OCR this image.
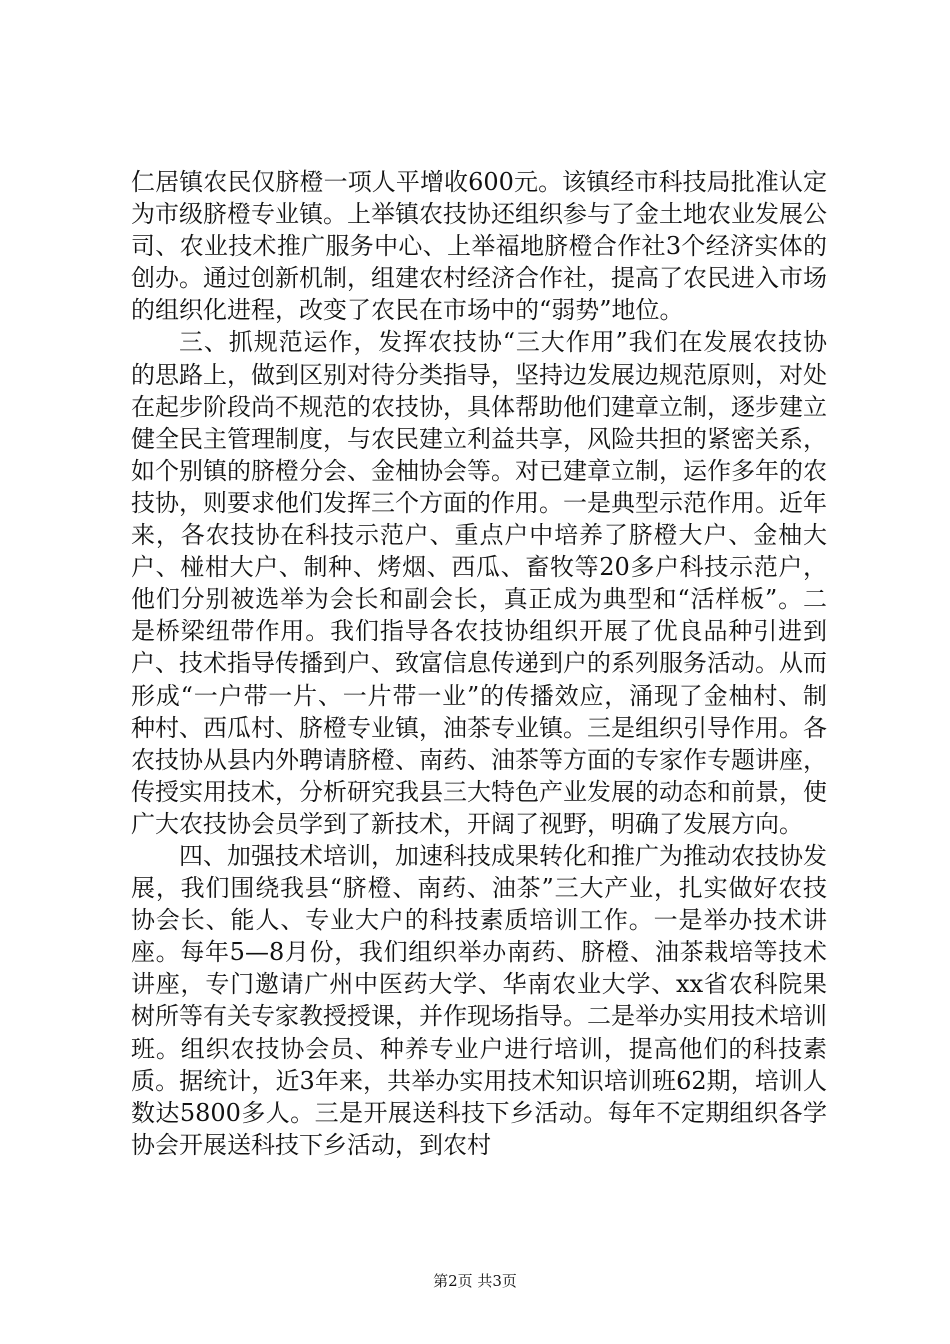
仁居镇农民仅脐橙一项人平增收600元。该镇经市科技局批准认定为市级脐橙专业镇。上举镇农技协还组织参与了金土地农业发展公司、农业技术推广服务中心、上举福地脐橙合作社3个经济实体的创办。通过创新机制，组建农村经济合作社，提高了农民进入市场的组织化进程，改变了农民在市场中的“弱势”地位。

三、抓规范运作，发挥农技协“三大作用”我们在发展农技协的思路上，做到区别对待分类指导，坚持边发展边规范原则，对处在起步阶段尚不规范的农技协，具体帮助他们建章立制，逐步建立健全民主管理制度，与农民建立利益共享，风险共担的紧密关系，如个别镇的脐橙分会、金柚协会等。对已建章立制，运作多年的农技协，则要求他们发挥三个方面的作用。一是典型示范作用。近年来，各农技协在科技示范户、重点户中培养了脐橙大户、金柚大户、椪柑大户、制种、烤烟、西瓜、畜牧等20多户科技示范户，他们分别被选举为会长和副会长，真正成为典型和“活样板”。二是桥梁纽带作用。我们指导各农技协组织开展了优良品种引进到户、技术指导传播到户、致富信息传递到户的系列服务活动。从而形成“一户带一片、一片带一业”的传播效应，涌现了金柚村、制种村、西瓜村、脐橙专业镇，油茶专业镇。三是组织引导作用。各农技协从县内外聘请脐橙、南药、油茶等方面的专家作专题讲座，传授实用技术，分析研究我县三大特色产业发展的动态和前景，使广大农技协会员学到了新技术，开阔了视野，明确了发展方向。

四、加强技术培训，加速科技成果转化和推广为推动农技协发展，我们围绕我县“脐橙、南药、油茶”三大产业，扎实做好农技协会长、能人、专业大户的科技素质培训工作。一是举办技术讲座。每年5—8月份，我们组织举办南药、脐橙、油茶栽培等技术讲座，专门邀请广州中医药大学、华南农业大学、xx省农科院果树所等有关专家教授授课，并作现场指导。二是举办实用技术培训班。组织农技协会员、种养专业户进行培训，提高他们的科技素质。据统计，近3年来，共举办实用技术知识培训班62期，培训人数达5800多人。三是开展送科技下乡活动。每年不定期组织各学协会开展送科技下乡活动，到农村

第2页 共3页
